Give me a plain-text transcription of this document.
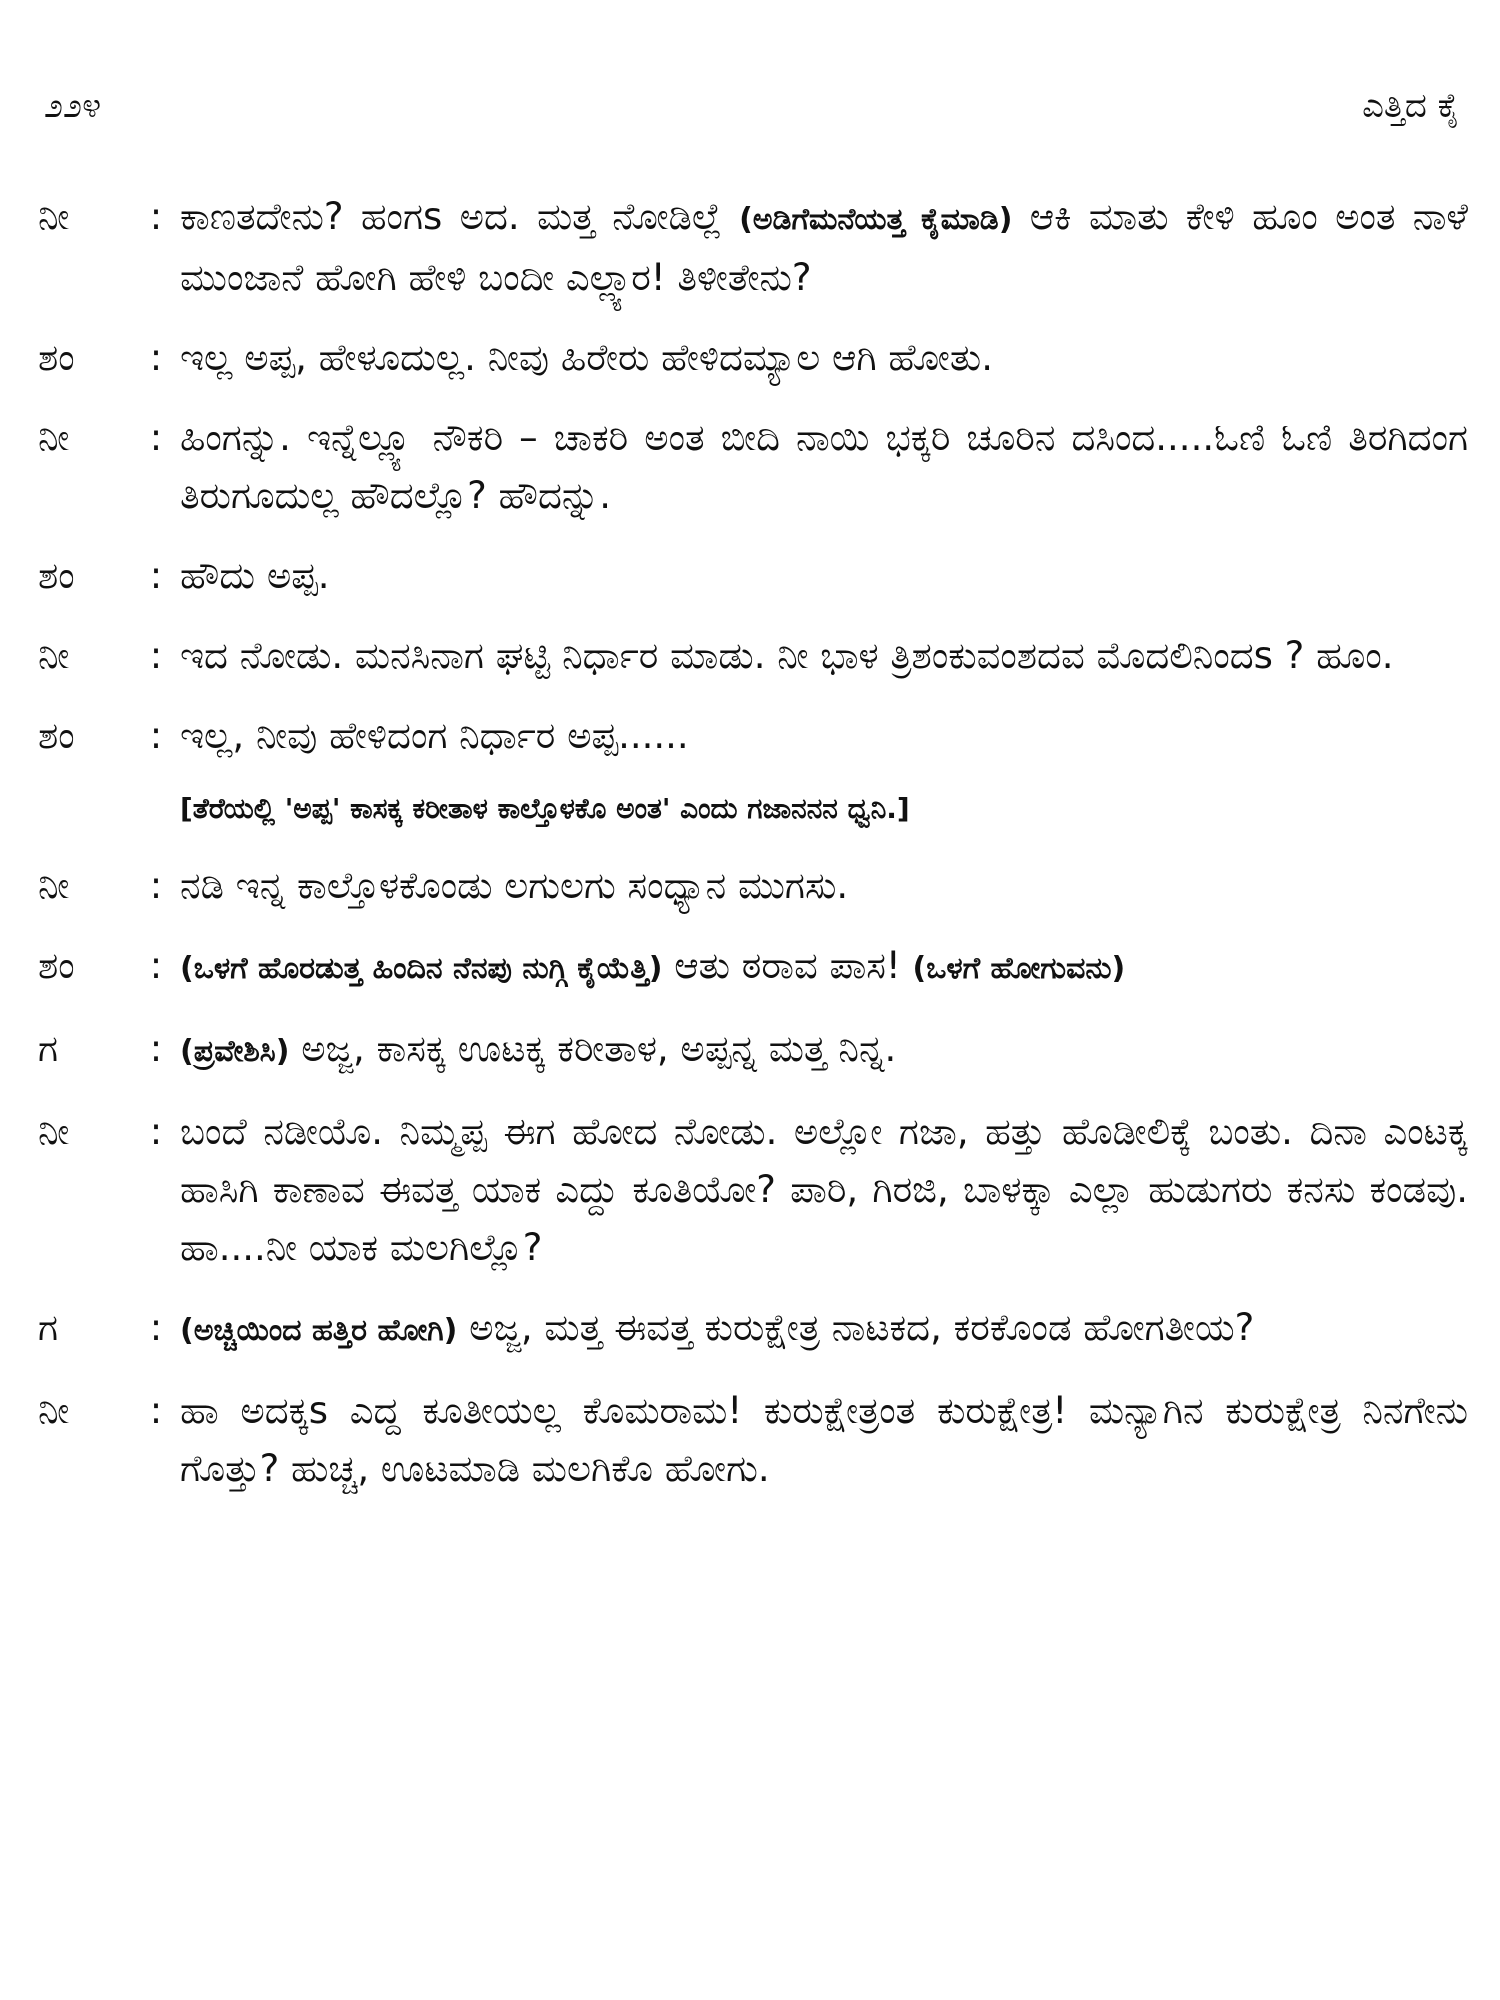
೨೨೪	ಎತ್ತಿದ ಕೈ
ನೀ	: ಕಾಣತದೇನು? ಹಂಗs ಅದ. ಮತ್ತ ನೋಡಿಲ್ಲೆ (ಅಡಿಗೆಮನೆಯತ್ತ ಕೈಮಾಡಿ) ಆಕಿ ಮಾತು ಕೇಳಿ ಹೂಂ ಅಂತ ನಾಳೆ ಮುಂಜಾನೆ ಹೋಗಿ ಹೇಳಿ ಬಂದೀ ಎಲ್ಲ್ಯಾರ! ತಿಳೀತೇನು?
ಶಂ	: ಇಲ್ಲ ಅಪ್ಪ, ಹೇಳೂದುಲ್ಲ. ನೀವು ಹಿರೇರು ಹೇಳಿದಮ್ಯಾಲ ಆಗಿ ಹೋತು.
ನೀ	: ಹಿಂಗನ್ನು. ಇನ್ನೆಲ್ಲ್ಯೂ ನೌಕರಿ – ಚಾಕರಿ ಅಂತ ಬೀದಿ ನಾಯಿ ಭಕ್ಕರಿ ಚೂರಿನ ದಸಿಂದ.....ಓಣಿ ಓಣಿ ತಿರಗಿದಂಗ ತಿರುಗೂದುಲ್ಲ ಹೌದಲ್ಲೊ? ಹೌದನ್ನು.
ಶಂ	: ಹೌದು ಅಪ್ಪ.
ನೀ	: ಇದ ನೋಡು. ಮನಸಿನಾಗ ಘಟ್ಟಿ ನಿರ್ಧಾರ ಮಾಡು. ನೀ ಭಾಳ ತ್ರಿಶಂಕುವಂಶದವ ಮೊದಲಿನಿಂದs ? ಹೂಂ.
ಶಂ	: ಇಲ್ಲ, ನೀವು ಹೇಳಿದಂಗ ನಿರ್ಧಾರ ಅಪ್ಪ......
[ತೆರೆಯಲ್ಲಿ 'ಅಪ್ಪ' ಕಾಸಕ್ಕ ಕರೀತಾಳ ಕಾಲ್ತೊಳಕೊ ಅಂತ' ಎಂದು ಗಜಾನನನ ಧ್ವನಿ.]
ನೀ	: ನಡಿ ಇನ್ನ ಕಾಲ್ತೊಳಕೊಂಡು ಲಗುಲಗು ಸಂಧ್ಯಾನ ಮುಗಸು.
ಶಂ	: (ಒಳಗೆ ಹೊರಡುತ್ತ ಹಿಂದಿನ ನೆನಪು ನುಗ್ಗಿ ಕೈಯೆತ್ತಿ) ಆತು ಠರಾವ ಪಾಸ! (ಒಳಗೆ ಹೋಗುವನು)
ಗ	: (ಪ್ರವೇಶಿಸಿ) ಅಜ್ಜ, ಕಾಸಕ್ಕ ಊಟಕ್ಕ ಕರೀತಾಳ, ಅಪ್ಪನ್ನ ಮತ್ತ ನಿನ್ನ.
ನೀ	: ಬಂದೆ ನಡೀಯೊ. ನಿಮ್ಮಪ್ಪ ಈಗ ಹೋದ ನೋಡು. ಅಲ್ಲೋ ಗಜಾ, ಹತ್ತು ಹೊಡೀಲಿಕ್ಕೆ ಬಂತು. ದಿನಾ ಎಂಟಕ್ಕ ಹಾಸಿಗಿ ಕಾಣಾವ ಈವತ್ತ ಯಾಕ ಎದ್ದು ಕೂತಿಯೋ? ಪಾರಿ, ಗಿರಜಿ, ಬಾಳಕ್ಕಾ ಎಲ್ಲಾ ಹುಡುಗರು ಕನಸು ಕಂಡವು. ಹಾ....ನೀ ಯಾಕ ಮಲಗಿಲ್ಲೊ?
ಗ	: (ಅಚ್ಚಿಯಿಂದ ಹತ್ತಿರ ಹೋಗಿ) ಅಜ್ಜ, ಮತ್ತ ಈವತ್ತ ಕುರುಕ್ಷೇತ್ರ ನಾಟಕದ, ಕರಕೊಂಡ ಹೋಗತೀಯ?
ನೀ	: ಹಾ ಅದಕ್ಕs ಎದ್ದ ಕೂತೀಯಲ್ಲ ಕೊಮರಾಮ! ಕುರುಕ್ಷೇತ್ರಂತ ಕುರುಕ್ಷೇತ್ರ! ಮನ್ಯಾಗಿನ ಕುರುಕ್ಷೇತ್ರ ನಿನಗೇನು ಗೊತ್ತು? ಹುಚ್ಚ, ಊಟಮಾಡಿ ಮಲಗಿಕೊ ಹೋಗು.
